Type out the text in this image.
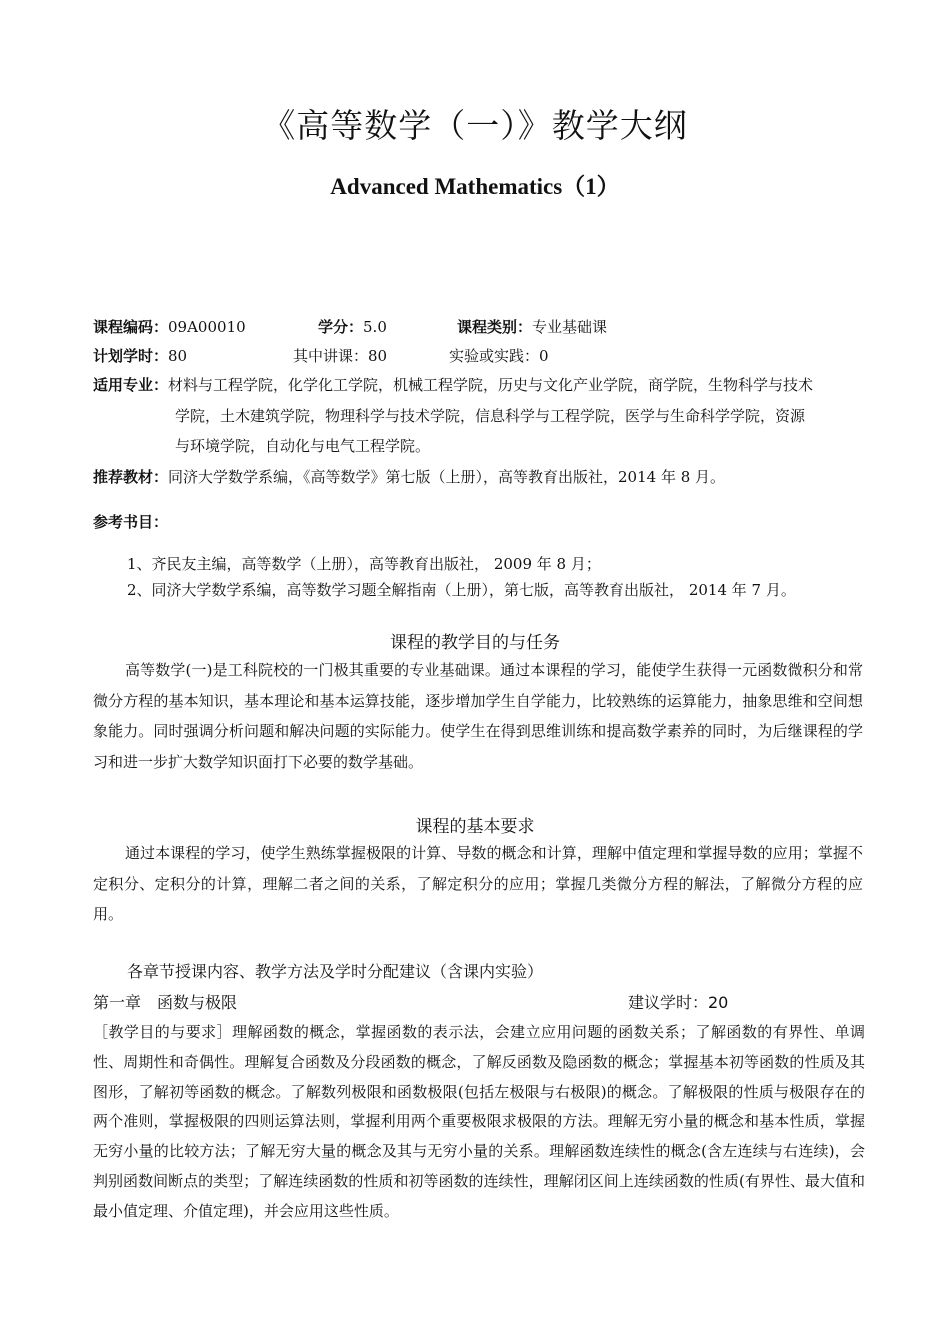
《高等数学（一）》教学大纲
Advanced Mathematics（1）
课程编码：09A00010	学分：5.0	课程类别：专业基础课
计划学时：80	其中讲课：80	实验或实践：0
适用专业：材料与工程学院，化学化工学院，机械工程学院，历史与文化产业学院，商学院，生物科学与技术
学院，土木建筑学院，物理科学与技术学院，信息科学与工程学院，医学与生命科学学院，资源
与环境学院，自动化与电气工程学院。
推荐教材：同济大学数学系编，《高等数学》第七版（上册），高等教育出版社，2014 年 8 月。
参考书目：
1、齐民友主编，高等数学（上册），高等教育出版社， 2009 年 8 月；
2、同济大学数学系编，高等数学习题全解指南（上册），第七版，高等教育出版社， 2014 年 7 月。
课程的教学目的与任务
高等数学(一)是工科院校的一门极其重要的专业基础课。通过本课程的学习，能使学生获得一元函数微积分和常微分方程的基本知识，基本理论和基本运算技能，逐步增加学生自学能力，比较熟练的运算能力，抽象思维和空间想象能力。同时强调分析问题和解决问题的实际能力。使学生在得到思维训练和提高数学素养的同时，为后继课程的学习和进一步扩大数学知识面打下必要的数学基础。
课程的基本要求
通过本课程的学习，使学生熟练掌握极限的计算、导数的概念和计算，理解中值定理和掌握导数的应用；掌握不定积分、定积分的计算，理解二者之间的关系，了解定积分的应用；掌握几类微分方程的解法，了解微分方程的应用。
各章节授课内容、教学方法及学时分配建议（含课内实验）
第一章　函数与极限	建议学时：20
［教学目的与要求］理解函数的概念，掌握函数的表示法，会建立应用问题的函数关系；了解函数的有界性、单调性、周期性和奇偶性。理解复合函数及分段函数的概念，了解反函数及隐函数的概念；掌握基本初等函数的性质及其图形，了解初等函数的概念。了解数列极限和函数极限(包括左极限与右极限)的概念。了解极限的性质与极限存在的两个准则，掌握极限的四则运算法则，掌握利用两个重要极限求极限的方法。理解无穷小量的概念和基本性质，掌握无穷小量的比较方法；了解无穷大量的概念及其与无穷小量的关系。理解函数连续性的概念(含左连续与右连续)，会判别函数间断点的类型；了解连续函数的性质和初等函数的连续性，理解闭区间上连续函数的性质(有界性、最大值和最小值定理、介值定理)，并会应用这些性质。
